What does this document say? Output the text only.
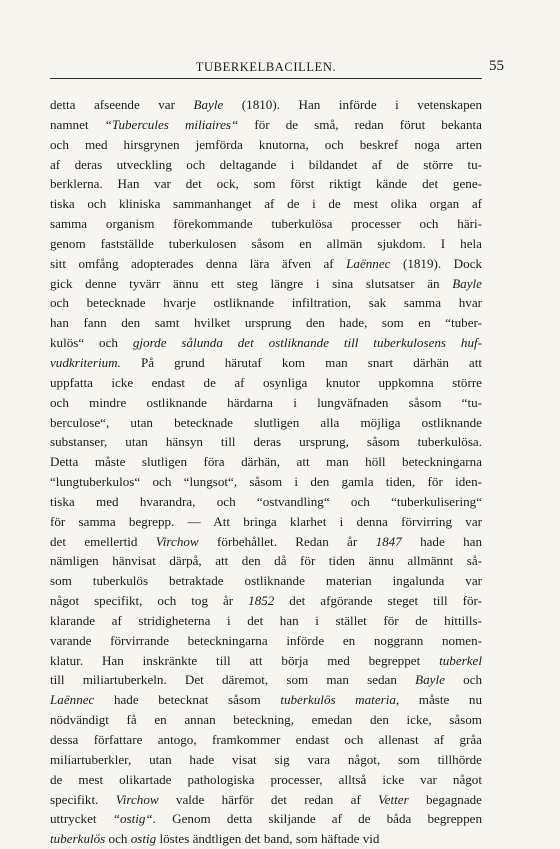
TUBERKELBACILLEN.	55
detta afseende var Bayle (1810). Han införde i vetenskapen
namnet “Tubercules miliaires“ för de små, redan förut bekanta
och med hirsgrynen jemförda knutorna, och beskref noga arten
af deras utveckling och deltagande i bildandet af de större tu-
berklerna. Han var det ock, som först riktigt kände det gene-
tiska och kliniska sammanhanget af de i de mest olika organ af
samma organism förekommande tuberkulösa processer och häri-
genom fastställde tuberkulosen såsom en allmän sjukdom. I hela
sitt omfång adopterades denna lära äfven af Laënnec (1819). Dock
gick denne tyvärr ännu ett steg längre i sina slutsatser än Bayle
och betecknade hvarje ostliknande infiltration, sak samma hvar
han fann den samt hvilket ursprung den hade, som en “tuber-
kulös“ och gjorde sålunda det ostliknande till tuberkulosens huf-
vudkriterium. På grund härutaf kom man snart därhän att
uppfatta icke endast de af osynliga knutor uppkomna större
och mindre ostliknande härdarna i lungväfnaden såsom “tu-
berculose“, utan betecknade slutligen alla möjliga ostliknande
substanser, utan hänsyn till deras ursprung, såsom tuberkulösa.
Detta måste slutligen föra därhän, att man höll beteckningarna
“lungtuberkulos“ och “lungsot“, såsom i den gamla tiden, för iden-
tiska med hvarandra, och “ostvandling“ och “tuberkulisering“
för samma begrepp. — Att bringa klarhet i denna förvirring var
det emellertid Virchow förbehållet. Redan år 1847 hade han
nämligen hänvisat därpå, att den då för tiden ännu allmännt så-
som tuberkulös betraktade ostliknande materian ingalunda var
något specifikt, och tog år 1852 det afgörande steget till för-
klarande af stridigheterna i det han i stället för de hittills-
varande förvirrande beteckningarna införde en noggrann nomen-
klatur. Han inskränkte till att börja med begreppet tuberkel
till miliartuberkeln. Det däremot, som man sedan Bayle och
Laënnec hade betecknat såsom tuberkulös materia, måste nu
nödvändigt få en annan beteckning, emedan den icke, såsom
dessa författare antogo, framkommer endast och allenast af gråa
miliartuberkler, utan hade visat sig vara något, som tillhörde
de mest olikartade pathologiska processer, alltså icke var något
specifikt. Virchow valde härför det redan af Vetter begagnade
uttrycket “ostig“. Genom detta skiljande af de båda begreppen
tuberkulös och ostig löstes ändtligen det band, som häftade vid
